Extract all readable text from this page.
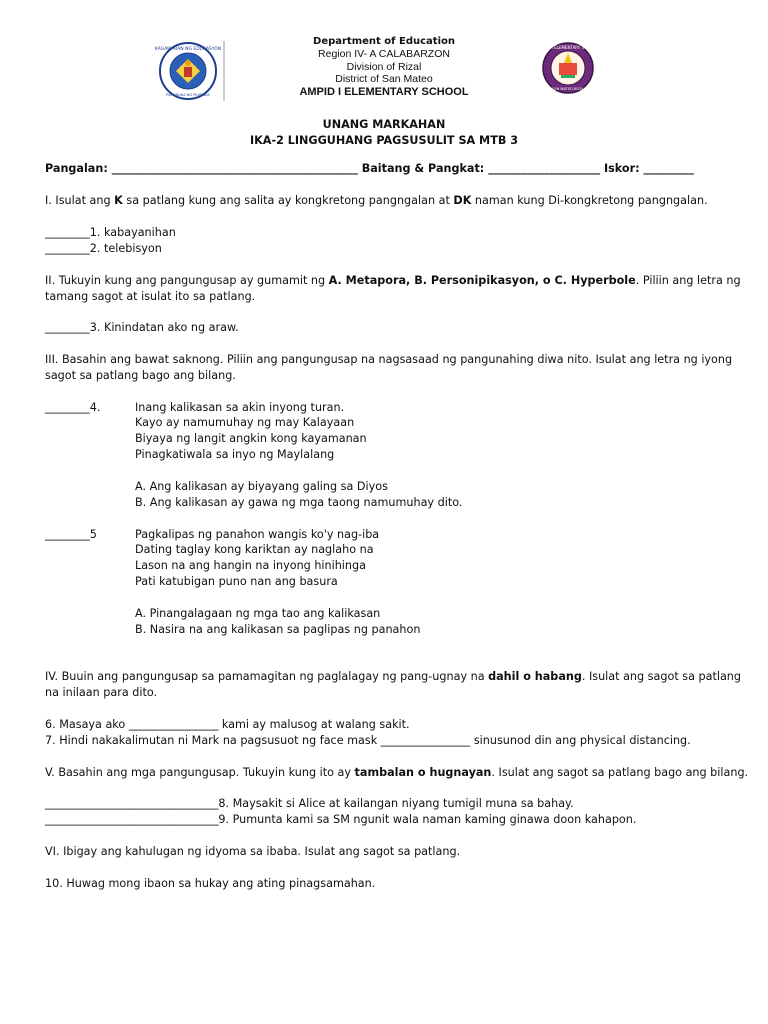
KAGAWARAN NG EDUKASYON
REPUBLIKA NG PILIPINAS
AMPID I ELEMENTARY SCHOOL
SAN MATEO,RIZAL
Department of Education
Region IV- A CALABARZON
Division of Rizal
District of San Mateo
AMPID I ELEMENTARY SCHOOL
UNANG MARKAHAN
IKA-2 LINGGUHANG PAGSUSULIT SA MTB 3
Pangalan: ____________________________________________ Baitang & Pangkat: ____________________ Iskor: _________
I. Isulat ang K sa patlang kung ang salita ay kongkretong pangngalan at DK naman kung Di-kongkretong pangngalan.
________1. kabayanihan
________2. telebisyon
II. Tukuyin kung ang pangungusap ay gumamit ng A. Metapora, B. Personipikasyon, o C. Hyperbole. Piliin ang letra ng
tamang sagot at isulat ito sa patlang.
________3. Kinindatan ako ng araw.
III. Basahin ang bawat saknong. Piliin ang pangungusap na nagsasaad ng pangunahing diwa nito. Isulat ang letra ng iyong
sagot sa patlang bago ang bilang.
________4.	Inang kalikasan sa akin inyong turan.
Kayo ay namumuhay ng may Kalayaan
Biyaya ng langit angkin kong kayamanan
Pinagkatiwala sa inyo ng Maylalang
A. Ang kalikasan ay biyayang galing sa Diyos
B. Ang kalikasan ay gawa ng mga taong namumuhay dito.
________5	Pagkalipas ng panahon wangis ko'y nag-iba
Dating taglay kong kariktan ay naglaho na
Lason na ang hangin na inyong hinihinga
Pati katubigan puno nan ang basura
A. Pinangalagaan ng mga tao ang kalikasan
B. Nasira na ang kalikasan sa paglipas ng panahon
IV. Buuin ang pangungusap sa pamamagitan ng paglalagay ng pang-ugnay na dahil o habang. Isulat ang sagot sa patlang
na inilaan para dito.
6. Masaya ako ________________ kami ay malusog at walang sakit.
7. Hindi nakakalimutan ni Mark na pagsusuot ng face mask ________________ sinusunod din ang physical distancing.
V. Basahin ang mga pangungusap. Tukuyin kung ito ay tambalan o hugnayan. Isulat ang sagot sa patlang bago ang bilang.
_______________________________8. Maysakit si Alice at kailangan niyang tumigil muna sa bahay.
_______________________________9. Pumunta kami sa SM ngunit wala naman kaming ginawa doon kahapon.
VI. Ibigay ang kahulugan ng idyoma sa ibaba. Isulat ang sagot sa patlang.
10. Huwag mong ibaon sa hukay ang ating pinagsamahan.
